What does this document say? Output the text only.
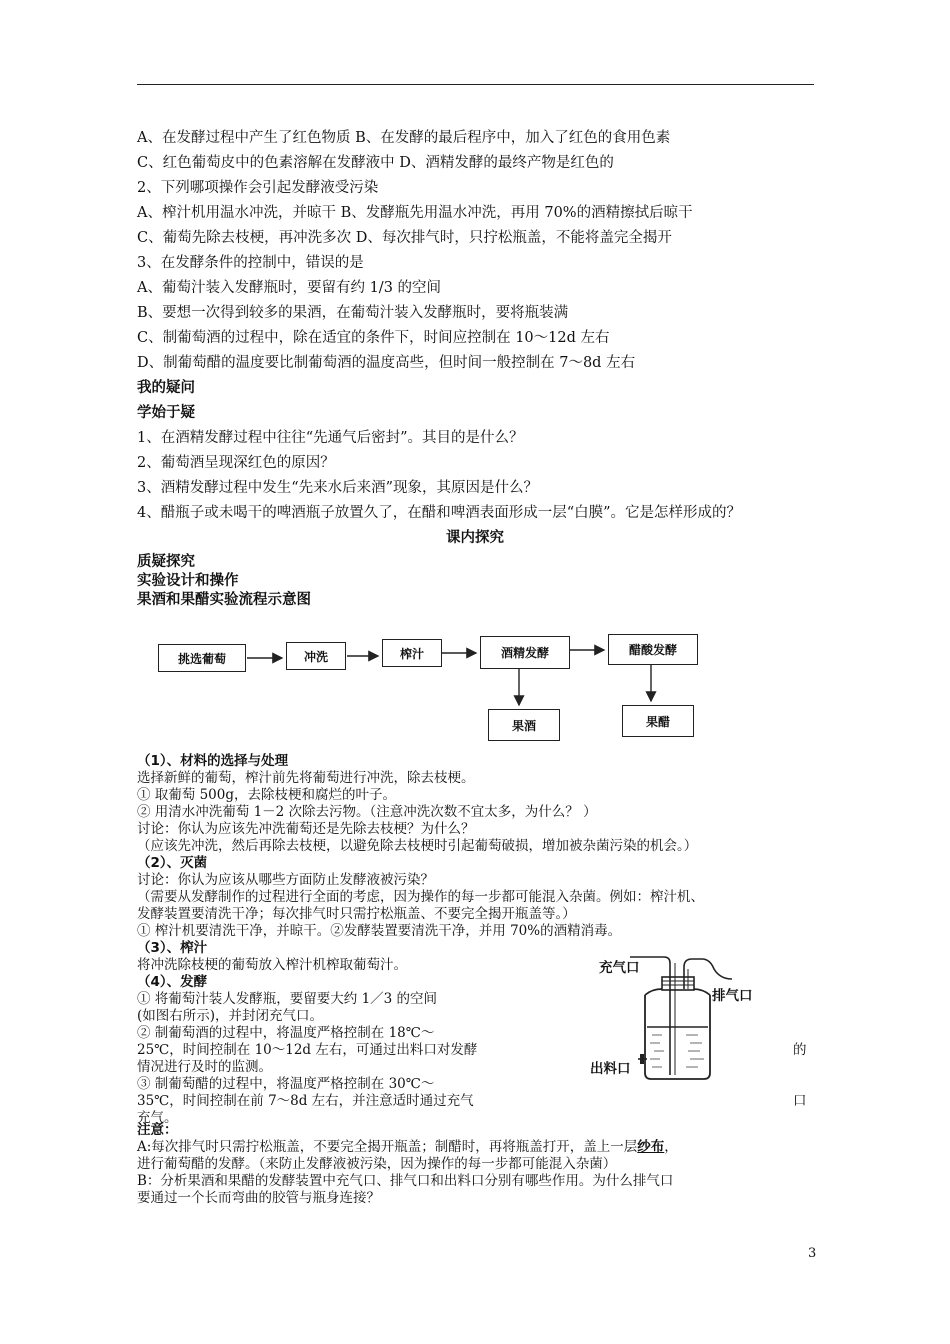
A、在发酵过程中产生了红色物质 B、在发酵的最后程序中，加入了红色的食用色素
C、红色葡萄皮中的色素溶解在发酵液中 D、酒精发酵的最终产物是红色的
2、下列哪项操作会引起发酵液受污染
A、榨汁机用温水冲洗，并晾干 B、发酵瓶先用温水冲洗，再用 70%的酒精擦拭后晾干
C、葡萄先除去枝梗，再冲洗多次 D、每次排气时，只拧松瓶盖，不能将盖完全揭开
3、在发酵条件的控制中，错误的是
A、葡萄汁装入发酵瓶时，要留有约 1/3 的空间
B、要想一次得到较多的果酒，在葡萄汁装入发酵瓶时，要将瓶装满
C、制葡萄酒的过程中，除在适宜的条件下，时间应控制在 10～12d 左右
D、制葡萄醋的温度要比制葡萄酒的温度高些，但时间一般控制在 7～8d 左右
我的疑问
学始于疑
1、在酒精发酵过程中往往“先通气后密封”。其目的是什么？
2、葡萄酒呈现深红色的原因？
3、酒精发酵过程中发生“先来水后来酒”现象，其原因是什么？
4、醋瓶子或未喝干的啤酒瓶子放置久了，在醋和啤酒表面形成一层“白膜”。它是怎样形成的？
课内探究
质疑探究
实验设计和操作
果酒和果醋实验流程示意图
挑选葡萄	冲洗	榨汁	酒精发酵	醋酸发酵
果酒	果醋
（1）、材料的选择与处理
选择新鲜的葡萄，榨汁前先将葡萄进行冲洗，除去枝梗。
① 取葡萄 500g，去除枝梗和腐烂的叶子。
② 用清水冲洗葡萄 1－2 次除去污物。（注意冲洗次数不宜太多，为什么？ ）
讨论：你认为应该先冲洗葡萄还是先除去枝梗？为什么？
（应该先冲洗，然后再除去枝梗，以避免除去枝梗时引起葡萄破损，增加被杂菌污染的机会。）
（2）、灭菌
讨论：你认为应该从哪些方面防止发酵液被污染？
（需要从发酵制作的过程进行全面的考虑，因为操作的每一步都可能混入杂菌。例如：榨汁机、
发酵装置要清洗干净；每次排气时只需拧松瓶盖、不要完全揭开瓶盖等。）
① 榨汁机要清洗干净，并晾干。②发酵装置要清洗干净，并用 70%的酒精消毒。
（3）、榨汁
将冲洗除枝梗的葡萄放入榨汁机榨取葡萄汁。
（4）、发酵
① 将葡萄汁装人发酵瓶，要留要大约 1／3 的空间
(如图右所示)，并封闭充气口。
② 制葡萄酒的过程中，将温度严格控制在 18℃～
25℃，时间控制在 10～12d 左右，可通过出料口对发酵
情况进行及时的监测。
③ 制葡萄醋的过程中，将温度严格控制在 30℃～
35℃，时间控制在前 7～8d 左右，并注意适时通过充气
充气。
的
口
充气口
排气口
出料口
注意：
A:每次排气时只需拧松瓶盖，不要完全揭开瓶盖；制醋时，再将瓶盖打开，盖上一层纱布，
进行葡萄醋的发酵。（来防止发酵液被污染，因为操作的每一步都可能混入杂菌）
B：分析果酒和果醋的发酵装置中充气口、排气口和出料口分别有哪些作用。为什么排气口
要通过一个长而弯曲的胶管与瓶身连接？
3
